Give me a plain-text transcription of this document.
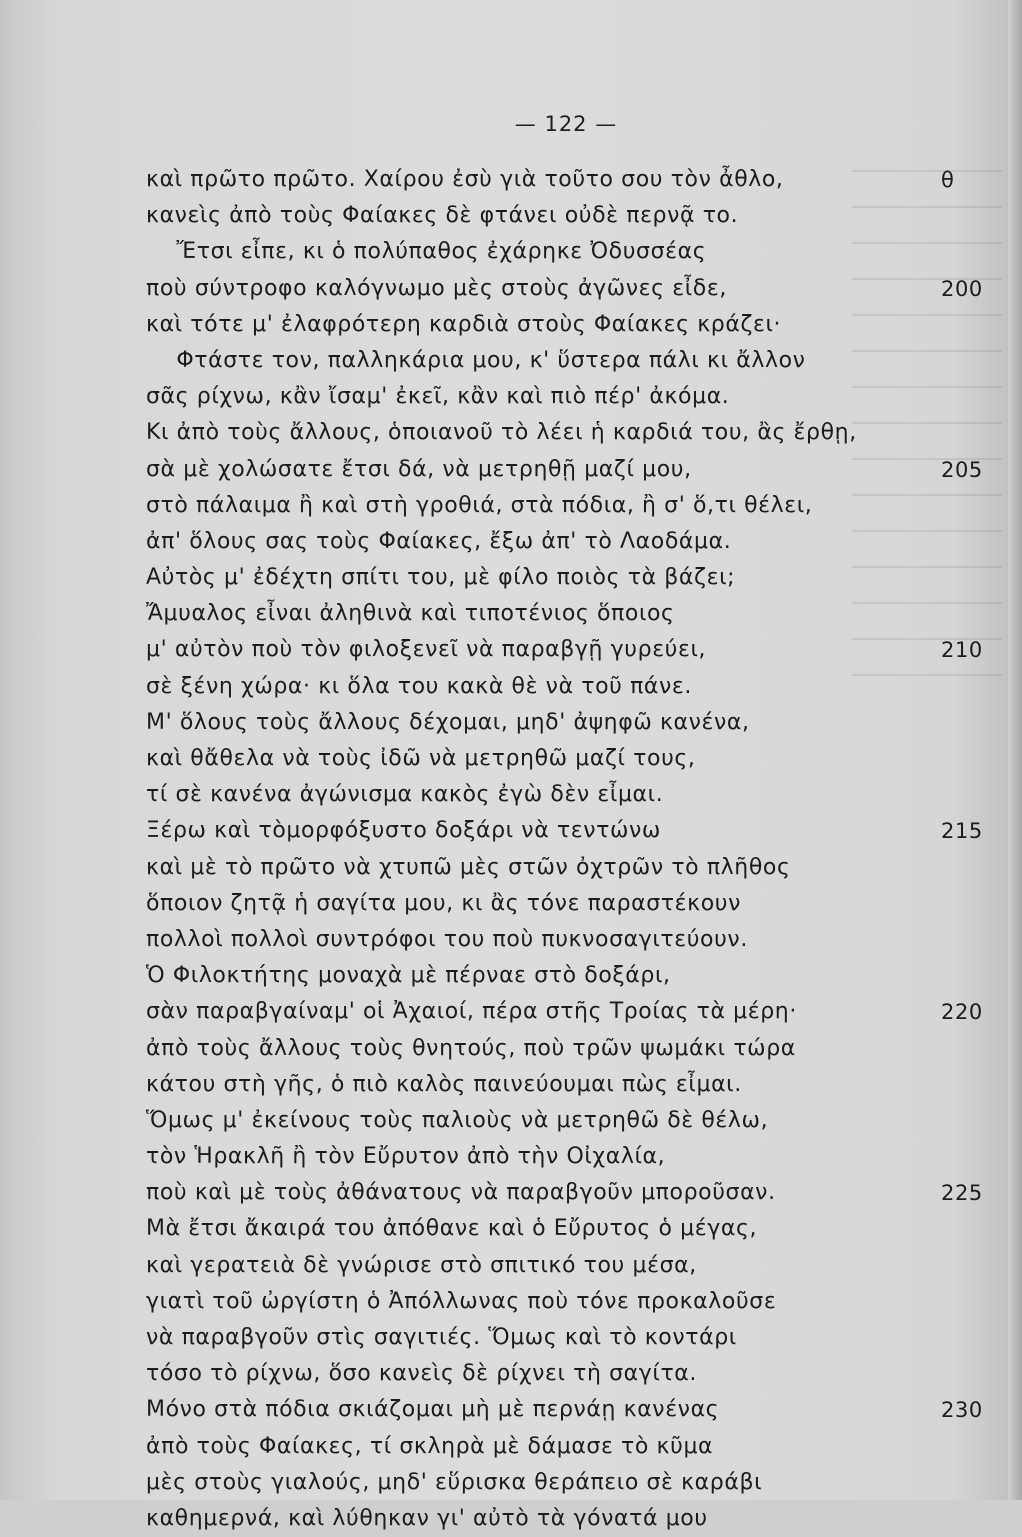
— 122 —
καὶ πρῶτο πρῶτο. Χαίρου ἐσὺ γιὰ τοῦτο σου τὸν ἆθλο,	θ
κανεὶς ἀπὸ τοὺς Φαίακες δὲ φτάνει οὐδὲ περνᾷ το.
Ἔτσι εἶπε, κι ὁ πολύπαθος ἐχάρηκε Ὀδυσσέας
ποὺ σύντροφο καλόγνωμο μὲς στοὺς ἀγῶνες εἶδε,	200
καὶ τότε μ' ἐλαφρότερη καρδιὰ στοὺς Φαίακες κράζει·
Φτάστε τον, παλληκάρια μου, κ' ὕστερα πάλι κι ἄλλον
σᾶς ρίχνω, κἂν ἴσαμ' ἐκεῖ, κἂν καὶ πιὸ πέρ' ἀκόμα.
Κι ἀπὸ τοὺς ἄλλους, ὁποιανοῦ τὸ λέει ἡ καρδιά του, ἂς ἔρθῃ,
σὰ μὲ χολώσατε ἔτσι δά, νὰ μετρηθῇ μαζί μου,	205
στὸ πάλαιμα ἢ καὶ στὴ γροθιά, στὰ πόδια, ἢ σ' ὅ,τι θέλει,
ἀπ' ὅλους σας τοὺς Φαίακες, ἔξω ἀπ' τὸ Λαοδάμα.
Αὐτὸς μ' ἐδέχτη σπίτι του, μὲ φίλο ποιὸς τὰ βάζει;
Ἄμυαλος εἶναι ἀληθινὰ καὶ τιποτένιος ὅποιος
μ' αὐτὸν ποὺ τὸν φιλοξενεῖ νὰ παραβγῇ γυρεύει,	210
σὲ ξένη χώρα· κι ὅλα του κακὰ θὲ νὰ τοῦ πάνε.
Μ' ὅλους τοὺς ἄλλους δέχομαι, μηδ' ἀψηφῶ κανένα,
καὶ θἄθελα νὰ τοὺς ἰδῶ νὰ μετρηθῶ μαζί τους,
τί σὲ κανένα ἀγώνισμα κακὸς ἐγὼ δὲν εἶμαι.
Ξέρω καὶ τὸμορφόξυστο δοξάρι νὰ τεντώνω	215
καὶ μὲ τὸ πρῶτο νὰ χτυπῶ μὲς στῶν ὀχτρῶν τὸ πλῆθος
ὅποιον ζητᾷ ἡ σαγίτα μου, κι ἂς τόνε παραστέκουν
πολλοὶ πολλοὶ συντρόφοι του ποὺ πυκνοσαγιτεύουν.
Ὁ Φιλοκτήτης μοναχὰ μὲ πέρναε στὸ δοξάρι,
σὰν παραβγαίναμ' οἱ Ἀχαιοί, πέρα στῆς Τροίας τὰ μέρη·	220
ἀπὸ τοὺς ἄλλους τοὺς θνητούς, ποὺ τρῶν ψωμάκι τώρα
κάτου στὴ γῆς, ὁ πιὸ καλὸς παινεύουμαι πὼς εἶμαι.
Ὅμως μ' ἐκείνους τοὺς παλιοὺς νὰ μετρηθῶ δὲ θέλω,
τὸν Ἡρακλῆ ἢ τὸν Εὔρυτον ἀπὸ τὴν Οἰχαλία,
ποὺ καὶ μὲ τοὺς ἀθάνατους νὰ παραβγοῦν μποροῦσαν.	225
Μὰ ἔτσι ἄκαιρά του ἀπόθανε καὶ ὁ Εὔρυτος ὁ μέγας,
καὶ γερατειὰ δὲ γνώρισε στὸ σπιτικό του μέσα,
γιατὶ τοῦ ὠργίστη ὁ Ἀπόλλωνας ποὺ τόνε προκαλοῦσε
νὰ παραβγοῦν στὶς σαγιτιές. Ὅμως καὶ τὸ κοντάρι
τόσο τὸ ρίχνω, ὅσο κανεὶς δὲ ρίχνει τὴ σαγίτα.
Μόνο στὰ πόδια σκιάζομαι μὴ μὲ περνάῃ κανένας	230
ἀπὸ τοὺς Φαίακες, τί σκληρὰ μὲ δάμασε τὸ κῦμα
μὲς στοὺς γιαλούς, μηδ' εὕρισκα θεράπειο σὲ καράβι
καθημερνά, καὶ λύθηκαν γι' αὐτὸ τὰ γόνατά μου
